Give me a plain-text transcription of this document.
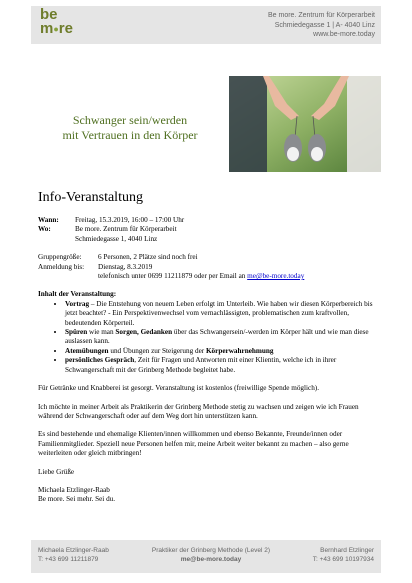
be
m●re
Be more. Zentrum für Körperarbeit
Schmiedegasse 1 | A- 4040 Linz
www.be-more.today
Schwanger sein/werden
mit Vertrauen in den Körper
Info-Veranstaltung
Wann:	Freitag, 15.3.2019, 16:00 – 17:00 Uhr
Wo:	Be more. Zentrum für Körperarbeit
Schmiedegasse 1, 4040 Linz
Gruppengröße:	6 Personen, 2 Plätze sind noch frei
Anmeldung bis:	Dienstag, 8.3.2019
telefonisch unter 0699 11211879 oder per Email an me@be-more.today
Inhalt der Veranstaltung:
• Vortrag – Die Entstehung von neuem Leben erfolgt im Unterleib. Wie haben wir diesen Körperbereich bis jetzt beachtet? - Ein Perspektivenwechsel vom vernachlässigten, problematischen zum kraftvollen, bedeutenden Körperteil.
• Spüren wie man Sorgen, Gedanken über das Schwangersein/-werden im Körper hält und wie man diese auslassen kann.
• Atemübungen und Übungen zur Steigerung der Körperwahrnehmung
• persönliches Gespräch, Zeit für Fragen und Antworten mit einer Klientin, welche ich in ihrer Schwangerschaft mit der Grinberg Methode begleitet habe.
Für Getränke und Knabberei ist gesorgt. Veranstaltung ist kostenlos (freiwillige Spende möglich).
Ich möchte in meiner Arbeit als Praktikerin der Grinberg Methode stetig zu wachsen und zeigen wie ich Frauen während der Schwangerschaft oder auf dem Weg dort hin unterstützen kann.
Es sind bestehende und ehemalige Klienten/innen willkommen und ebenso Bekannte, Freunde/innen oder Familienmitglieder. Speziell neue Personen helfen mir, meine Arbeit weiter bekannt zu machen – also gerne weiterleiten oder gleich mitbringen!
Liebe Grüße
Michaela Etzlinger-Raab
Be more. Sei mehr. Sei du.
Michaela Etzlinger-Raab
T: +43 699 11211879
Praktiker der Grinberg Methode (Level 2)
me@be-more.today
Bernhard Etzlinger
T: +43 699 10197934
